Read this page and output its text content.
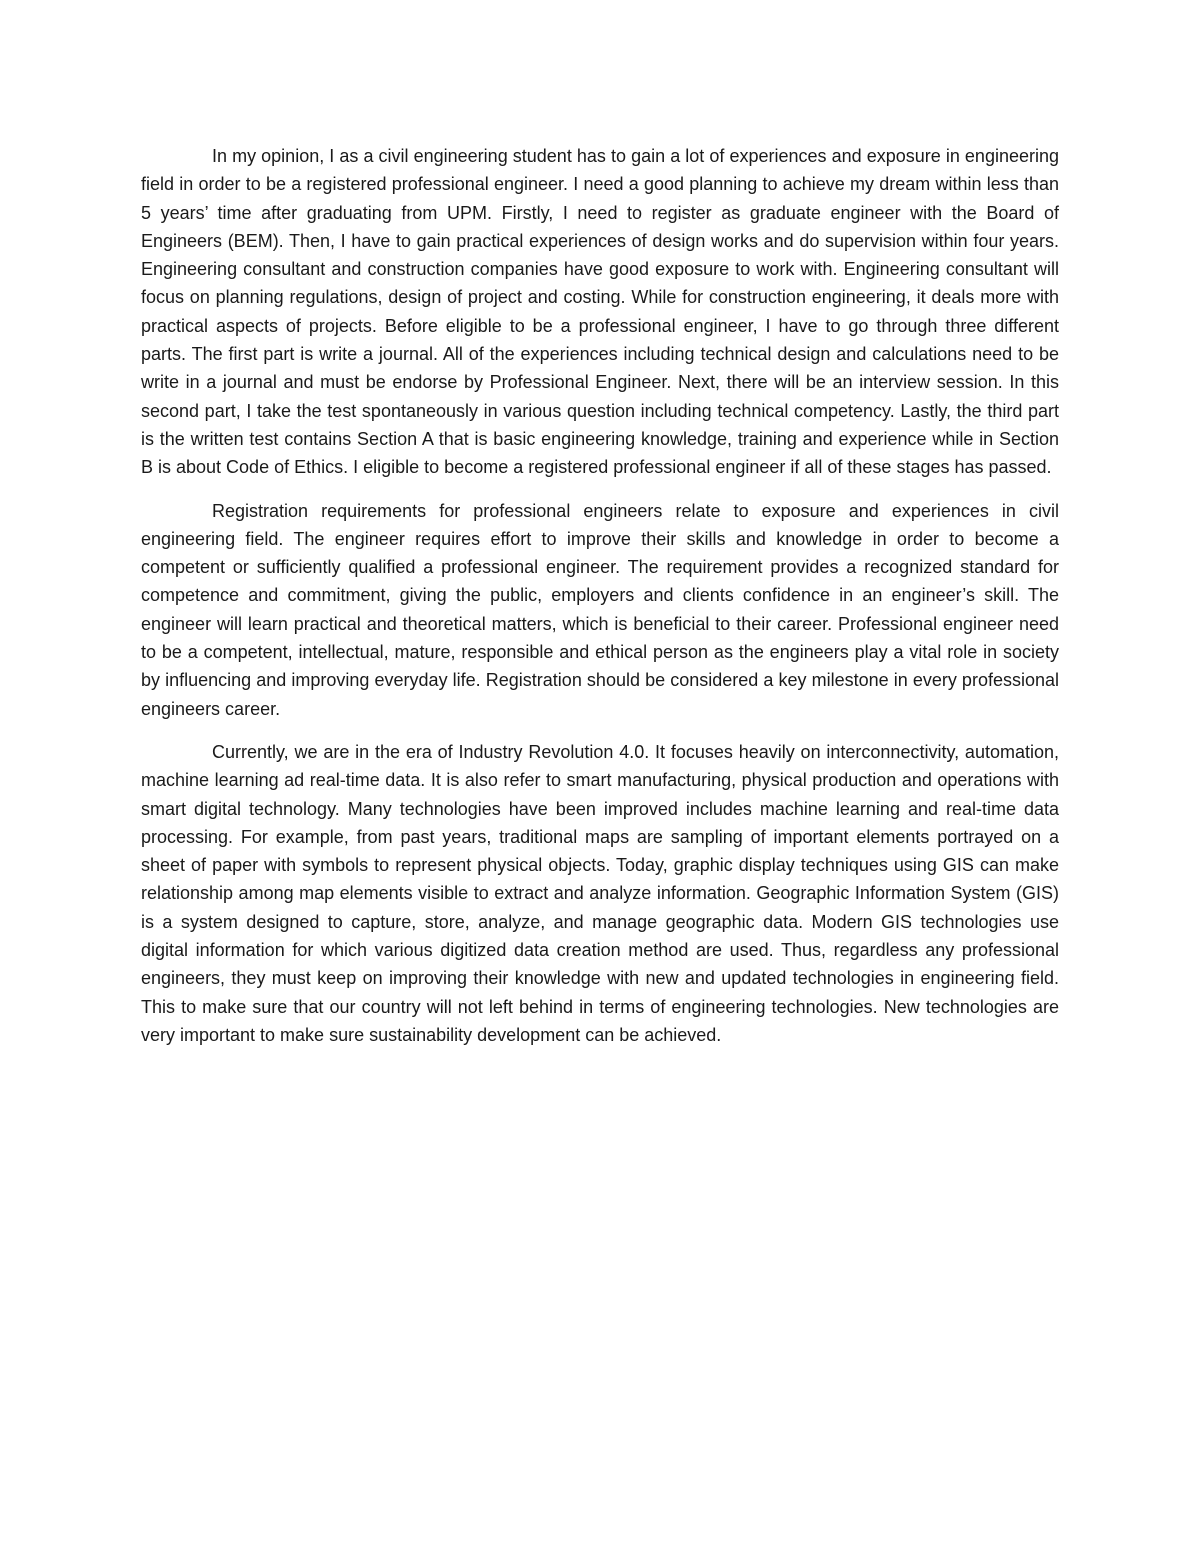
In my opinion, I as a civil engineering student has to gain a lot of experiences and exposure in engineering field in order to be a registered professional engineer. I need a good planning to achieve my dream within less than 5 years’ time after graduating from UPM. Firstly, I need to register as graduate engineer with the Board of Engineers (BEM). Then, I have to gain practical experiences of design works and do supervision within four years. Engineering consultant and construction companies have good exposure to work with. Engineering consultant will focus on planning regulations, design of project and costing. While for construction engineering, it deals more with practical aspects of projects. Before eligible to be a professional engineer, I have to go through three different parts. The first part is write a journal. All of the experiences including technical design and calculations need to be write in a journal and must be endorse by Professional Engineer. Next, there will be an interview session. In this second part, I take the test spontaneously in various question including technical competency. Lastly, the third part is the written test contains Section A that is basic engineering knowledge, training and experience while in Section B is about Code of Ethics. I eligible to become a registered professional engineer if all of these stages has passed.

Registration requirements for professional engineers relate to exposure and experiences in civil engineering field. The engineer requires effort to improve their skills and knowledge in order to become a competent or sufficiently qualified a professional engineer. The requirement provides a recognized standard for competence and commitment, giving the public, employers and clients confidence in an engineer’s skill. The engineer will learn practical and theoretical matters, which is beneficial to their career. Professional engineer need to be a competent, intellectual, mature, responsible and ethical person as the engineers play a vital role in society by influencing and improving everyday life. Registration should be considered a key milestone in every professional engineers career.

Currently, we are in the era of Industry Revolution 4.0. It focuses heavily on interconnectivity, automation, machine learning ad real-time data. It is also refer to smart manufacturing, physical production and operations with smart digital technology. Many technologies have been improved includes machine learning and real-time data processing. For example, from past years, traditional maps are sampling of important elements portrayed on a sheet of paper with symbols to represent physical objects. Today, graphic display techniques using GIS can make relationship among map elements visible to extract and analyze information. Geographic Information System (GIS) is a system designed to capture, store, analyze, and manage geographic data. Modern GIS technologies use digital information for which various digitized data creation method are used. Thus, regardless any professional engineers, they must keep on improving their knowledge with new and updated technologies in engineering field. This to make sure that our country will not left behind in terms of engineering technologies. New technologies are very important to make sure sustainability development can be achieved.
